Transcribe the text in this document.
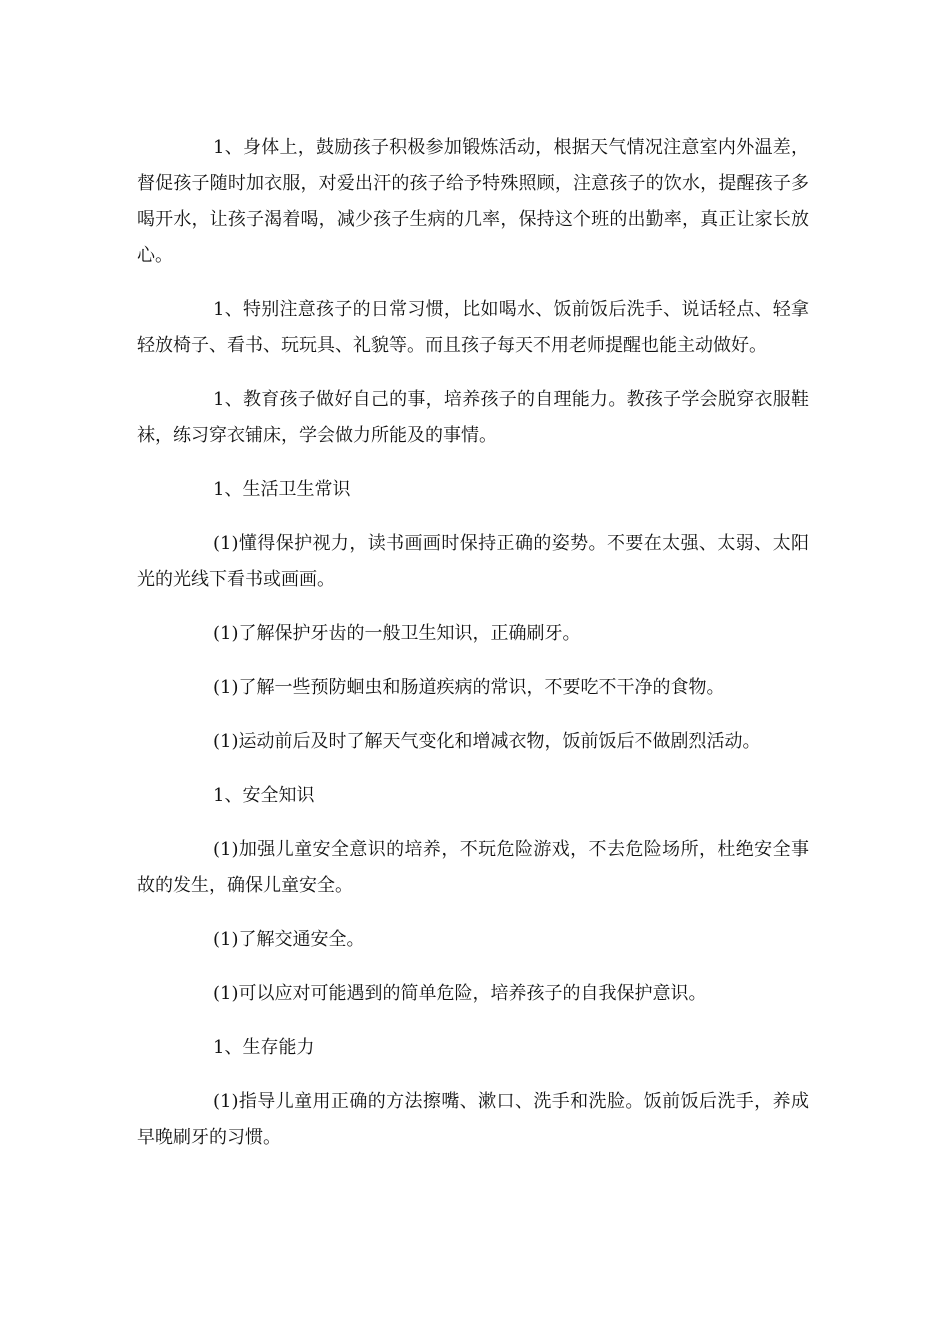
1、身体上，鼓励孩子积极参加锻炼活动，根据天气情况注意室内外温差，督促孩子随时加衣服，对爱出汗的孩子给予特殊照顾，注意孩子的饮水，提醒孩子多喝开水，让孩子渴着喝，减少孩子生病的几率，保持这个班的出勤率，真正让家长放心。

1、特别注意孩子的日常习惯，比如喝水、饭前饭后洗手、说话轻点、轻拿轻放椅子、看书、玩玩具、礼貌等。而且孩子每天不用老师提醒也能主动做好。

1、教育孩子做好自己的事，培养孩子的自理能力。教孩子学会脱穿衣服鞋袜，练习穿衣铺床，学会做力所能及的事情。

1、生活卫生常识

(1)懂得保护视力，读书画画时保持正确的姿势。不要在太强、太弱、太阳光的光线下看书或画画。

(1)了解保护牙齿的一般卫生知识，正确刷牙。

(1)了解一些预防蛔虫和肠道疾病的常识，不要吃不干净的食物。

(1)运动前后及时了解天气变化和增减衣物，饭前饭后不做剧烈活动。

1、安全知识

(1)加强儿童安全意识的培养，不玩危险游戏，不去危险场所，杜绝安全事故的发生，确保儿童安全。

(1)了解交通安全。

(1)可以应对可能遇到的简单危险，培养孩子的自我保护意识。

1、生存能力

(1)指导儿童用正确的方法擦嘴、漱口、洗手和洗脸。饭前饭后洗手，养成早晚刷牙的习惯。
